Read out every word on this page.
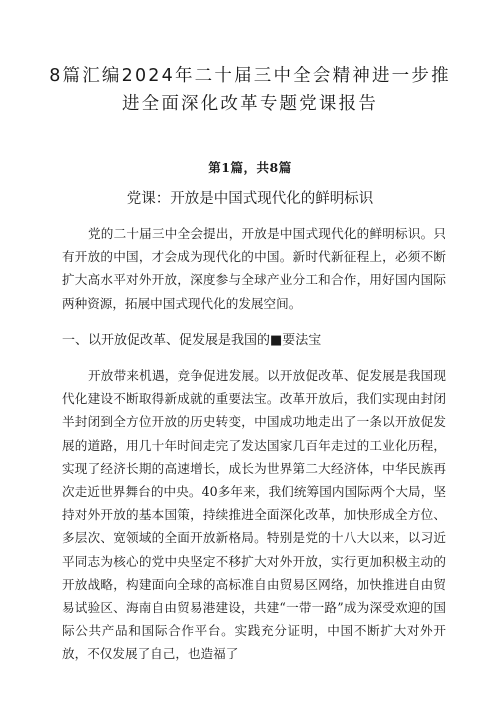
8篇汇编2024年二十届三中全会精神进一步推进全面深化改革专题党课报告
第1篇，共8篇
党课：开放是中国式现代化的鲜明标识

党的二十届三中全会提出，开放是中国式现代化的鲜明标识。只有开放的中国，才会成为现代化的中国。新时代新征程上，必须不断扩大高水平对外开放，深度参与全球产业分工和合作，用好国内国际两种资源，拓展中国式现代化的发展空间。

一、以开放促改革、促发展是我国的■要法宝

开放带来机遇，竞争促进发展。以开放促改革、促发展是我国现代化建设不断取得新成就的重要法宝。改革开放后，我们实现由封闭半封闭到全方位开放的历史转变，中国成功地走出了一条以开放促发展的道路，用几十年时间走完了发达国家几百年走过的工业化历程，实现了经济长期的高速增长，成长为世界第二大经济体，中华民族再次走近世界舞台的中央。40多年来，我们统筹国内国际两个大局，坚持对外开放的基本国策，持续推进全面深化改革，加快形成全方位、多层次、宽领域的全面开放新格局。特别是党的十八大以来，以习近平同志为核心的党中央坚定不移扩大对外开放，实行更加积极主动的开放战略，构建面向全球的高标准自由贸易区网络，加快推进自由贸易试验区、海南自由贸易港建设，共建“一带一路”成为深受欢迎的国际公共产品和国际合作平台。实践充分证明，中国不断扩大对外开放，不仅发展了自己，也造福了
